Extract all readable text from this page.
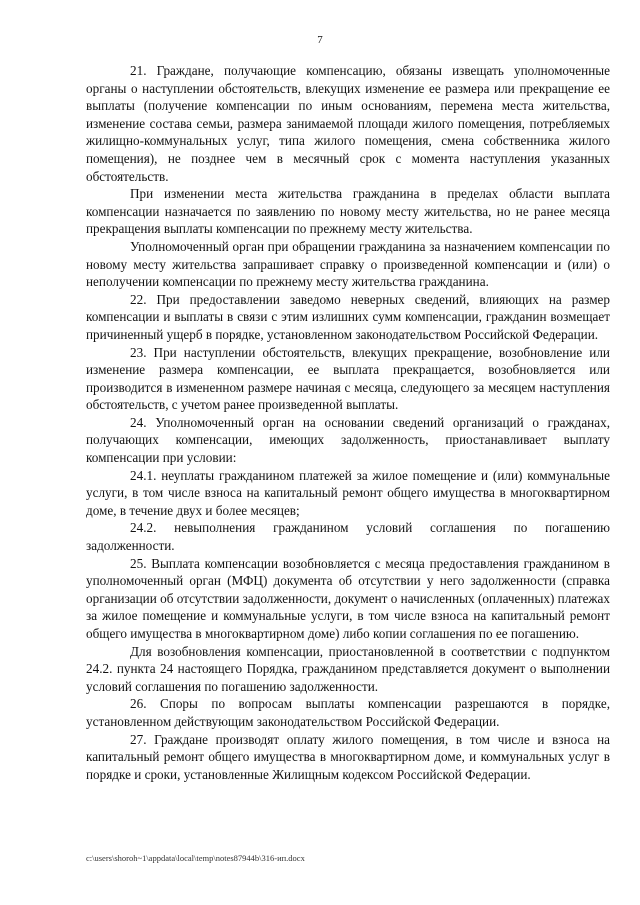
7

21. Граждане, получающие компенсацию, обязаны извещать уполномоченные органы о наступлении обстоятельств, влекущих изменение ее размера или прекращение ее выплаты (получение компенсации по иным основаниям, перемена места жительства, изменение состава семьи, размера занимаемой площади жилого помещения, потребляемых жилищно-коммунальных услуг, типа жилого помещения, смена собственника жилого помещения), не позднее чем в месячный срок с момента наступления указанных обстоятельств.

При изменении места жительства гражданина в пределах области выплата компенсации назначается по заявлению по новому месту жительства, но не ранее месяца прекращения выплаты компенсации по прежнему месту жительства.

Уполномоченный орган при обращении гражданина за назначением компенсации по новому месту жительства запрашивает справку о произведенной компенсации и (или) о неполучении компенсации по прежнему месту жительства гражданина.

22. При предоставлении заведомо неверных сведений, влияющих на размер компенсации и выплаты в связи с этим излишних сумм компенсации, гражданин возмещает причиненный ущерб в порядке, установленном законодательством Российской Федерации.

23. При наступлении обстоятельств, влекущих прекращение, возобновление или изменение размера компенсации, ее выплата прекращается, возобновляется или производится в измененном размере начиная с месяца, следующего за месяцем наступления обстоятельств, с учетом ранее произведенной выплаты.

24. Уполномоченный орган на основании сведений организаций о гражданах, получающих компенсации, имеющих задолженность, приостанавливает выплату компенсации при условии:

24.1. неуплаты гражданином платежей за жилое помещение и (или) коммунальные услуги, в том числе взноса на капитальный ремонт общего имущества в многоквартирном доме, в течение двух и более месяцев;

24.2. невыполнения гражданином условий соглашения по погашению задолженности.

25. Выплата компенсации возобновляется с месяца предоставления гражданином в уполномоченный орган (МФЦ) документа об отсутствии у него задолженности (справка организации об отсутствии задолженности, документ о начисленных (оплаченных) платежах за жилое помещение и коммунальные услуги, в том числе взноса на капитальный ремонт общего имущества в многоквартирном доме) либо копии соглашения по ее погашению.

Для возобновления компенсации, приостановленной в соответствии с подпунктом 24.2. пункта 24 настоящего Порядка, гражданином представляется документ о выполнении условий соглашения по погашению задолженности.

26. Споры по вопросам выплаты компенсации разрешаются в порядке, установленном действующим законодательством Российской Федерации.

27. Граждане производят оплату жилого помещения, в том числе и взноса на капитальный ремонт общего имущества в многоквартирном доме, и коммунальных услуг в порядке и сроки, установленные Жилищным кодексом Российской Федерации.

c:\users\shoroh~1\appdata\local\temp\notes87944b\316-ип.docx
